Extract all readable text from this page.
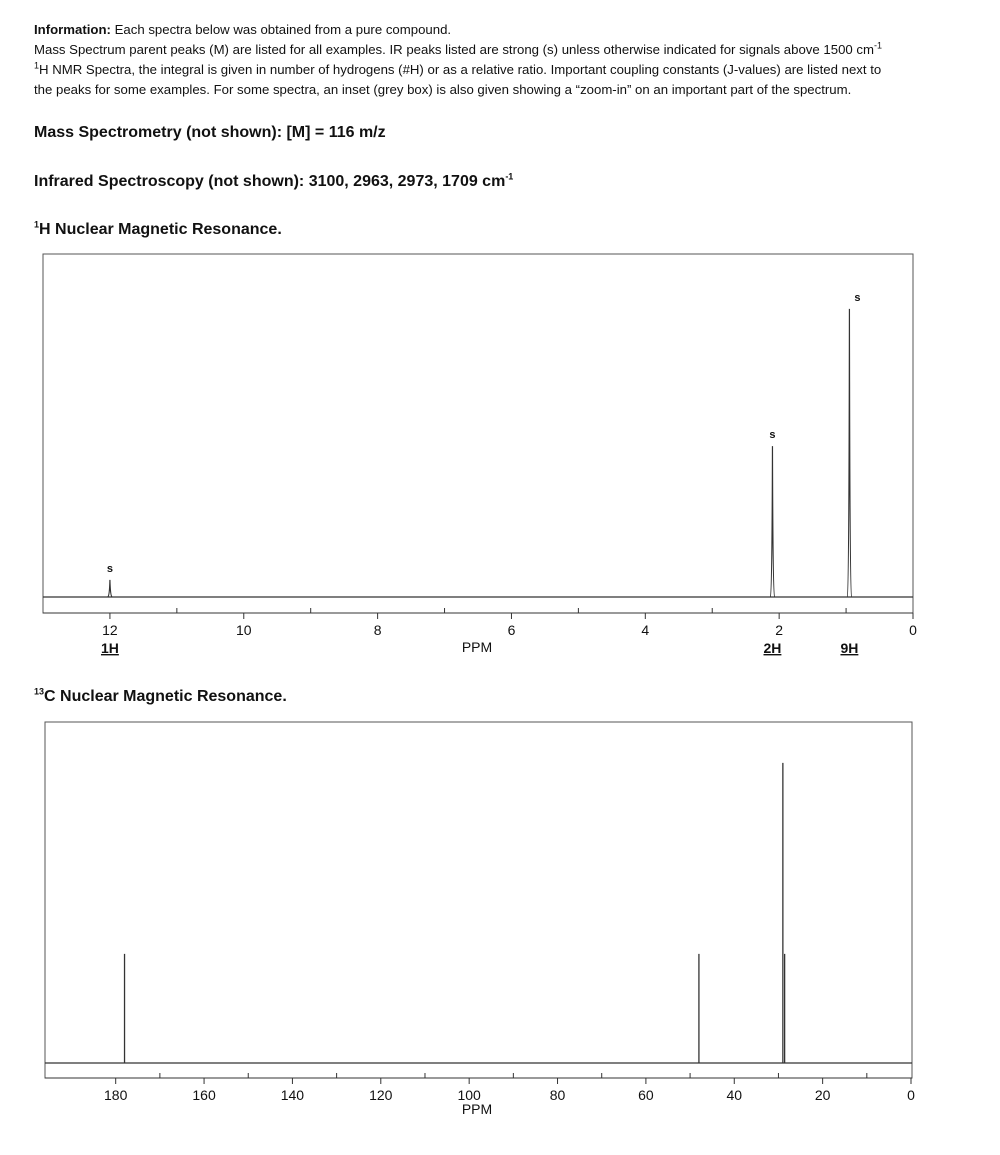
Information: Each spectra below was obtained from a pure compound.

Mass Spectrum parent peaks (M) are listed for all examples. IR peaks listed are strong (s) unless otherwise indicated for signals above 1500 $cm^{-1}$

$^1$H NMR Spectra, the integral is given in number of hydrogens (#H) or as a relative ratio. Important coupling constants (J-values) are listed next to

the peaks for some examples. For some spectra, an inset (grey box) is also given showing a “zoom-in” on an important part of the spectrum.

Mass Spectrometry (not shown): [M] = 116 m/z
Infrared Spectroscopy (not shown): 3100, 2963, 2973, 1709 $cm^{-1}$
$^1$H Nuclear Magnetic Resonance.
12	10	8	6	4	2	0
PPM
s
1H
s
2H
s
9H
$^{13}$C Nuclear Magnetic Resonance.
180	160	140	120	100	80	60	40	20	0
PPM
